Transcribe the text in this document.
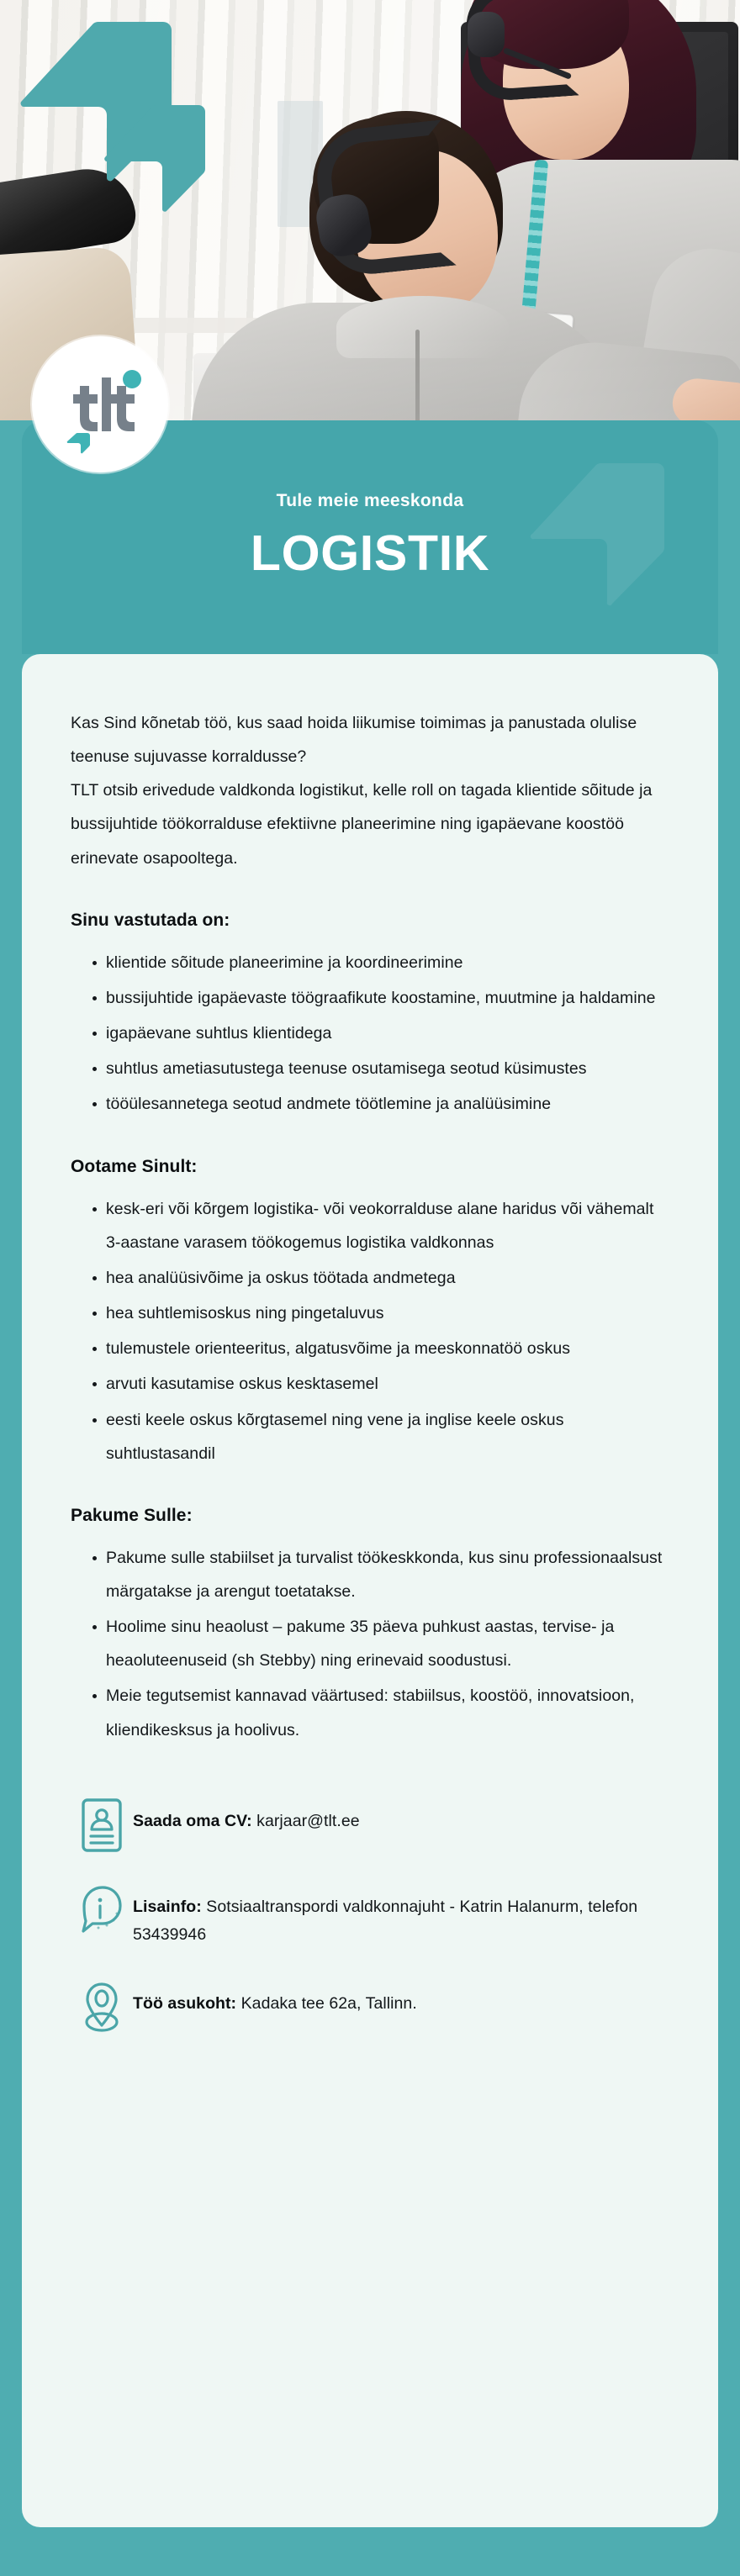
Tule meie meeskonda
LOGISTIK

Kas Sind kõnetab töö, kus saad hoida liikumise toimimas ja panustada olulise teenuse sujuvasse korraldusse?

TLT otsib erivedude valdkonda logistikut, kelle roll on tagada klientide sõitude ja bussijuhtide töökorralduse efektiivne planeerimine ning igapäevane koostöö erinevate osapooltega.

Sinu vastutada on:
klientide sõitude planeerimine ja koordineerimine
bussijuhtide igapäevaste töögraafikute koostamine, muutmine ja haldamine
igapäevane suhtlus klientidega
suhtlus ametiasutustega teenuse osutamisega seotud küsimustes
tööülesannetega seotud andmete töötlemine ja analüüsimine
Ootame Sinult:
kesk-eri või kõrgem logistika- või veokorralduse alane haridus või vähemalt 3-aastane varasem töökogemus logistika valdkonnas
hea analüüsivõime ja oskus töötada andmetega
hea suhtlemisoskus ning pingetaluvus
tulemustele orienteeritus, algatusvõime ja meeskonnatöö oskus
arvuti kasutamise oskus kesktasemel
eesti keele oskus kõrgtasemel ning vene ja inglise keele oskus suhtlustasandil
Pakume Sulle:
Pakume sulle stabiilset ja turvalist töökeskkonda, kus sinu professionaalsust märgatakse ja arengut toetatakse.
Hoolime sinu heaolust – pakume 35 päeva puhkust aastas, tervise- ja heaoluteenuseid (sh Stebby) ning erinevaid soodustusi.
Meie tegutsemist kannavad väärtused: stabiilsus, koostöö, innovatsioon, kliendikesksus ja hoolivus.
Saada oma CV: karjaar@tlt.ee
Lisainfo: Sotsiaaltranspordi valdkonnajuht - Katrin Halanurm, telefon 53439946
Töö asukoht: Kadaka tee 62a, Tallinn.
